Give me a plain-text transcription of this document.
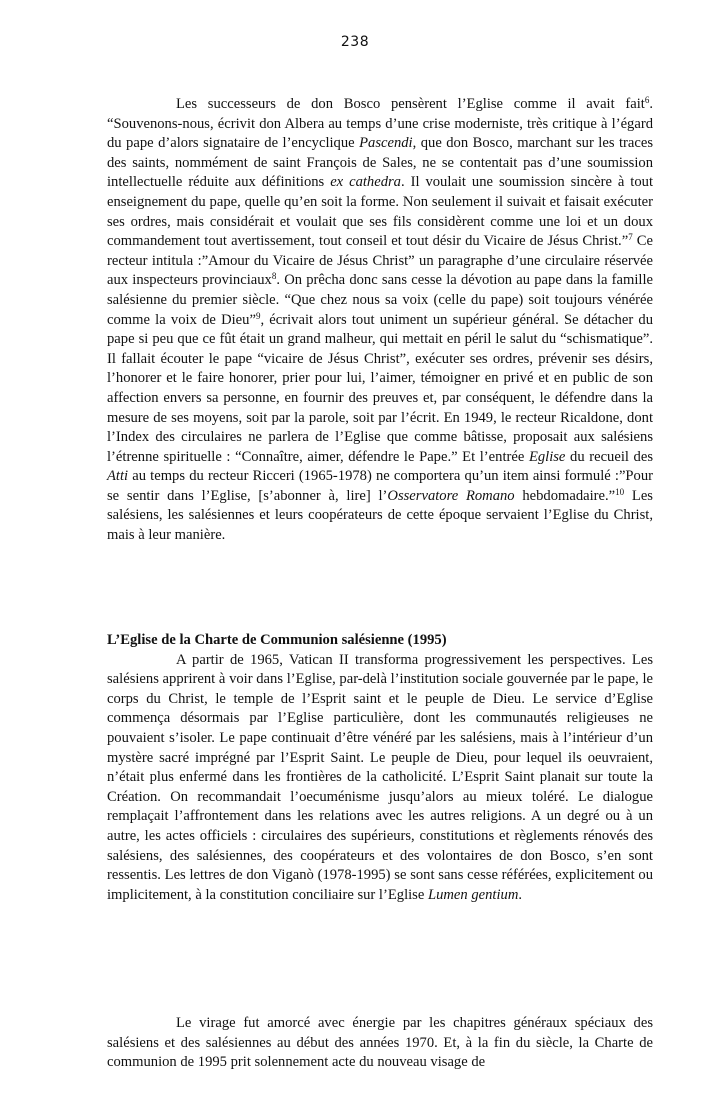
238

Les successeurs de don Bosco pensèrent l’Eglise comme il avait fait$^6$. “Souvenons-nous, écrivit don Albera au temps d’une crise moderniste, très critique à l’égard du pape d’alors signataire de l’encyclique Pascendi, que don Bosco, marchant sur les traces des saints, nommément de saint François de Sales, ne se contentait pas d’une soumission intellectuelle réduite aux définitions ex cathedra. Il voulait une soumission sincère à tout enseignement du pape, quelle qu’en soit la forme. Non seulement il suivait et faisait exécuter ses ordres, mais considérait et voulait que ses fils considèrent comme une loi et un doux commandement tout avertissement, tout conseil et tout désir du Vicaire de Jésus Christ.”$^7$ Ce recteur intitula :”Amour du Vicaire de Jésus Christ” un paragraphe d’une circulaire réservée aux inspecteurs provinciaux$^8$. On prêcha donc sans cesse la dévotion au pape dans la famille salésienne du premier siècle. “Que chez nous sa voix (celle du pape) soit toujours vénérée comme la voix de Dieu”$^9$, écrivait alors tout uniment un supérieur général. Se détacher du pape si peu que ce fût était un grand malheur, qui mettait en péril le salut du “schismatique”. Il fallait écouter le pape “vicaire de Jésus Christ”, exécuter ses ordres, prévenir ses désirs, l’honorer et le faire honorer, prier pour lui, l’aimer, témoigner en privé et en public de son affection envers sa personne, en fournir des preuves et, par conséquent, le défendre dans la mesure de ses moyens, soit par la parole, soit par l’écrit. En 1949, le recteur Ricaldone, dont l’Index des circulaires ne parlera de l’Eglise que comme bâtisse, proposait aux salésiens l’étrenne spirituelle : “Connaître, aimer, défendre le Pape.” Et l’entrée Eglise du recueil des Atti au temps du recteur Ricceri (1965-1978) ne comportera qu’un item ainsi formulé :”Pour se sentir dans l’Eglise, [s’abonner à, lire] l’Osservatore Romano hebdomadaire.”$^{10}$ Les salésiens, les salésiennes et leurs coopérateurs de cette époque servaient l’Eglise du Christ, mais à leur manière.

L’Eglise de la Charte de Communion salésienne (1995)

A partir de 1965, Vatican II transforma progressivement les perspectives. Les salésiens apprirent à voir dans l’Eglise, par-delà l’institution sociale gouvernée par le pape, le corps du Christ, le temple de l’Esprit saint et le peuple de Dieu. Le service d’Eglise commença désormais par l’Eglise particulière, dont les communautés religieuses ne pouvaient s’isoler. Le pape continuait d’être vénéré par les salésiens, mais à l’intérieur d’un mystère sacré imprégné par l’Esprit Saint. Le peuple de Dieu, pour lequel ils oeuvraient, n’était plus enfermé dans les frontières de la catholicité. L’Esprit Saint planait sur toute la Création. On recommandait l’oecuménisme jusqu’alors au mieux toléré. Le dialogue remplaçait l’affrontement dans les relations avec les autres religions. A un degré ou à un autre, les actes officiels : circulaires des supérieurs, constitutions et règlements rénovés des salésiens, des salésiennes, des coopérateurs et des volontaires de don Bosco, s’en sont ressentis. Les lettres de don Viganò (1978-1995) se sont sans cesse référées, explicitement ou implicitement, à la constitution conciliaire sur l’Eglise Lumen gentium.

Le virage fut amorcé avec énergie par les chapitres généraux spéciaux des salésiens et des salésiennes au début des années 1970. Et, à la fin du siècle, la Charte de communion de 1995 prit solennement acte du nouveau visage de
